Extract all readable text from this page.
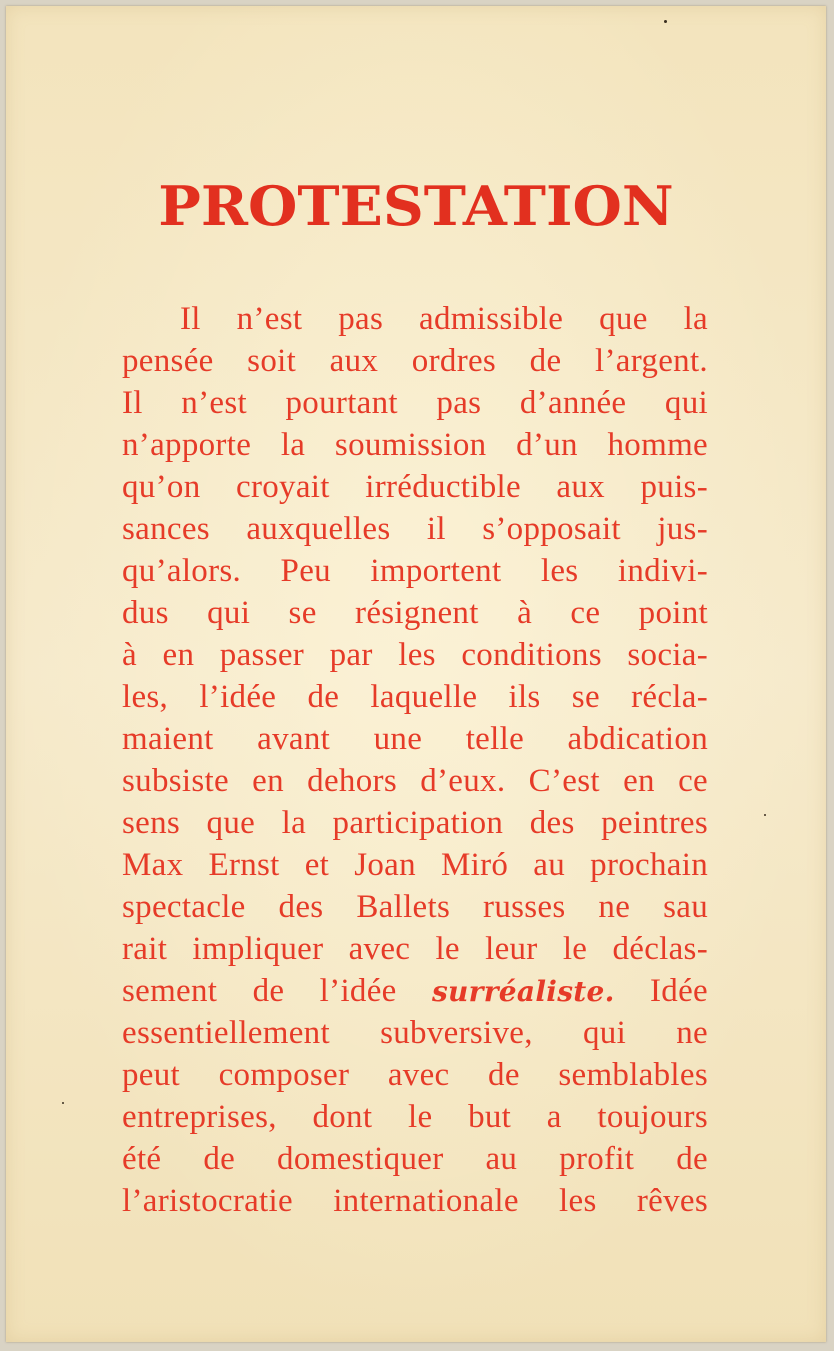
PROTESTATION
Il n’est pas admissible que la
pensée soit aux ordres de l’argent.
Il n’est pourtant pas d’année qui
n’apporte la soumission d’un homme
qu’on croyait irréductible aux puis-
sances auxquelles il s’opposait jus-
qu’alors. Peu importent les indivi-
dus qui se résignent à ce point
à en passer par les conditions socia-
les, l’idée de laquelle ils se récla-
maient avant une telle abdication
subsiste en dehors d’eux. C’est en ce
sens que la participation des peintres
Max Ernst et Joan Miró au prochain
spectacle des Ballets russes ne sau
rait impliquer avec le leur le déclas-
sement de l’idée surréaliste. Idée
essentiellement subversive, qui ne
peut composer avec de semblables
entreprises, dont le but a toujours
été de domestiquer au profit de
l’aristocratie internationale les rêves
